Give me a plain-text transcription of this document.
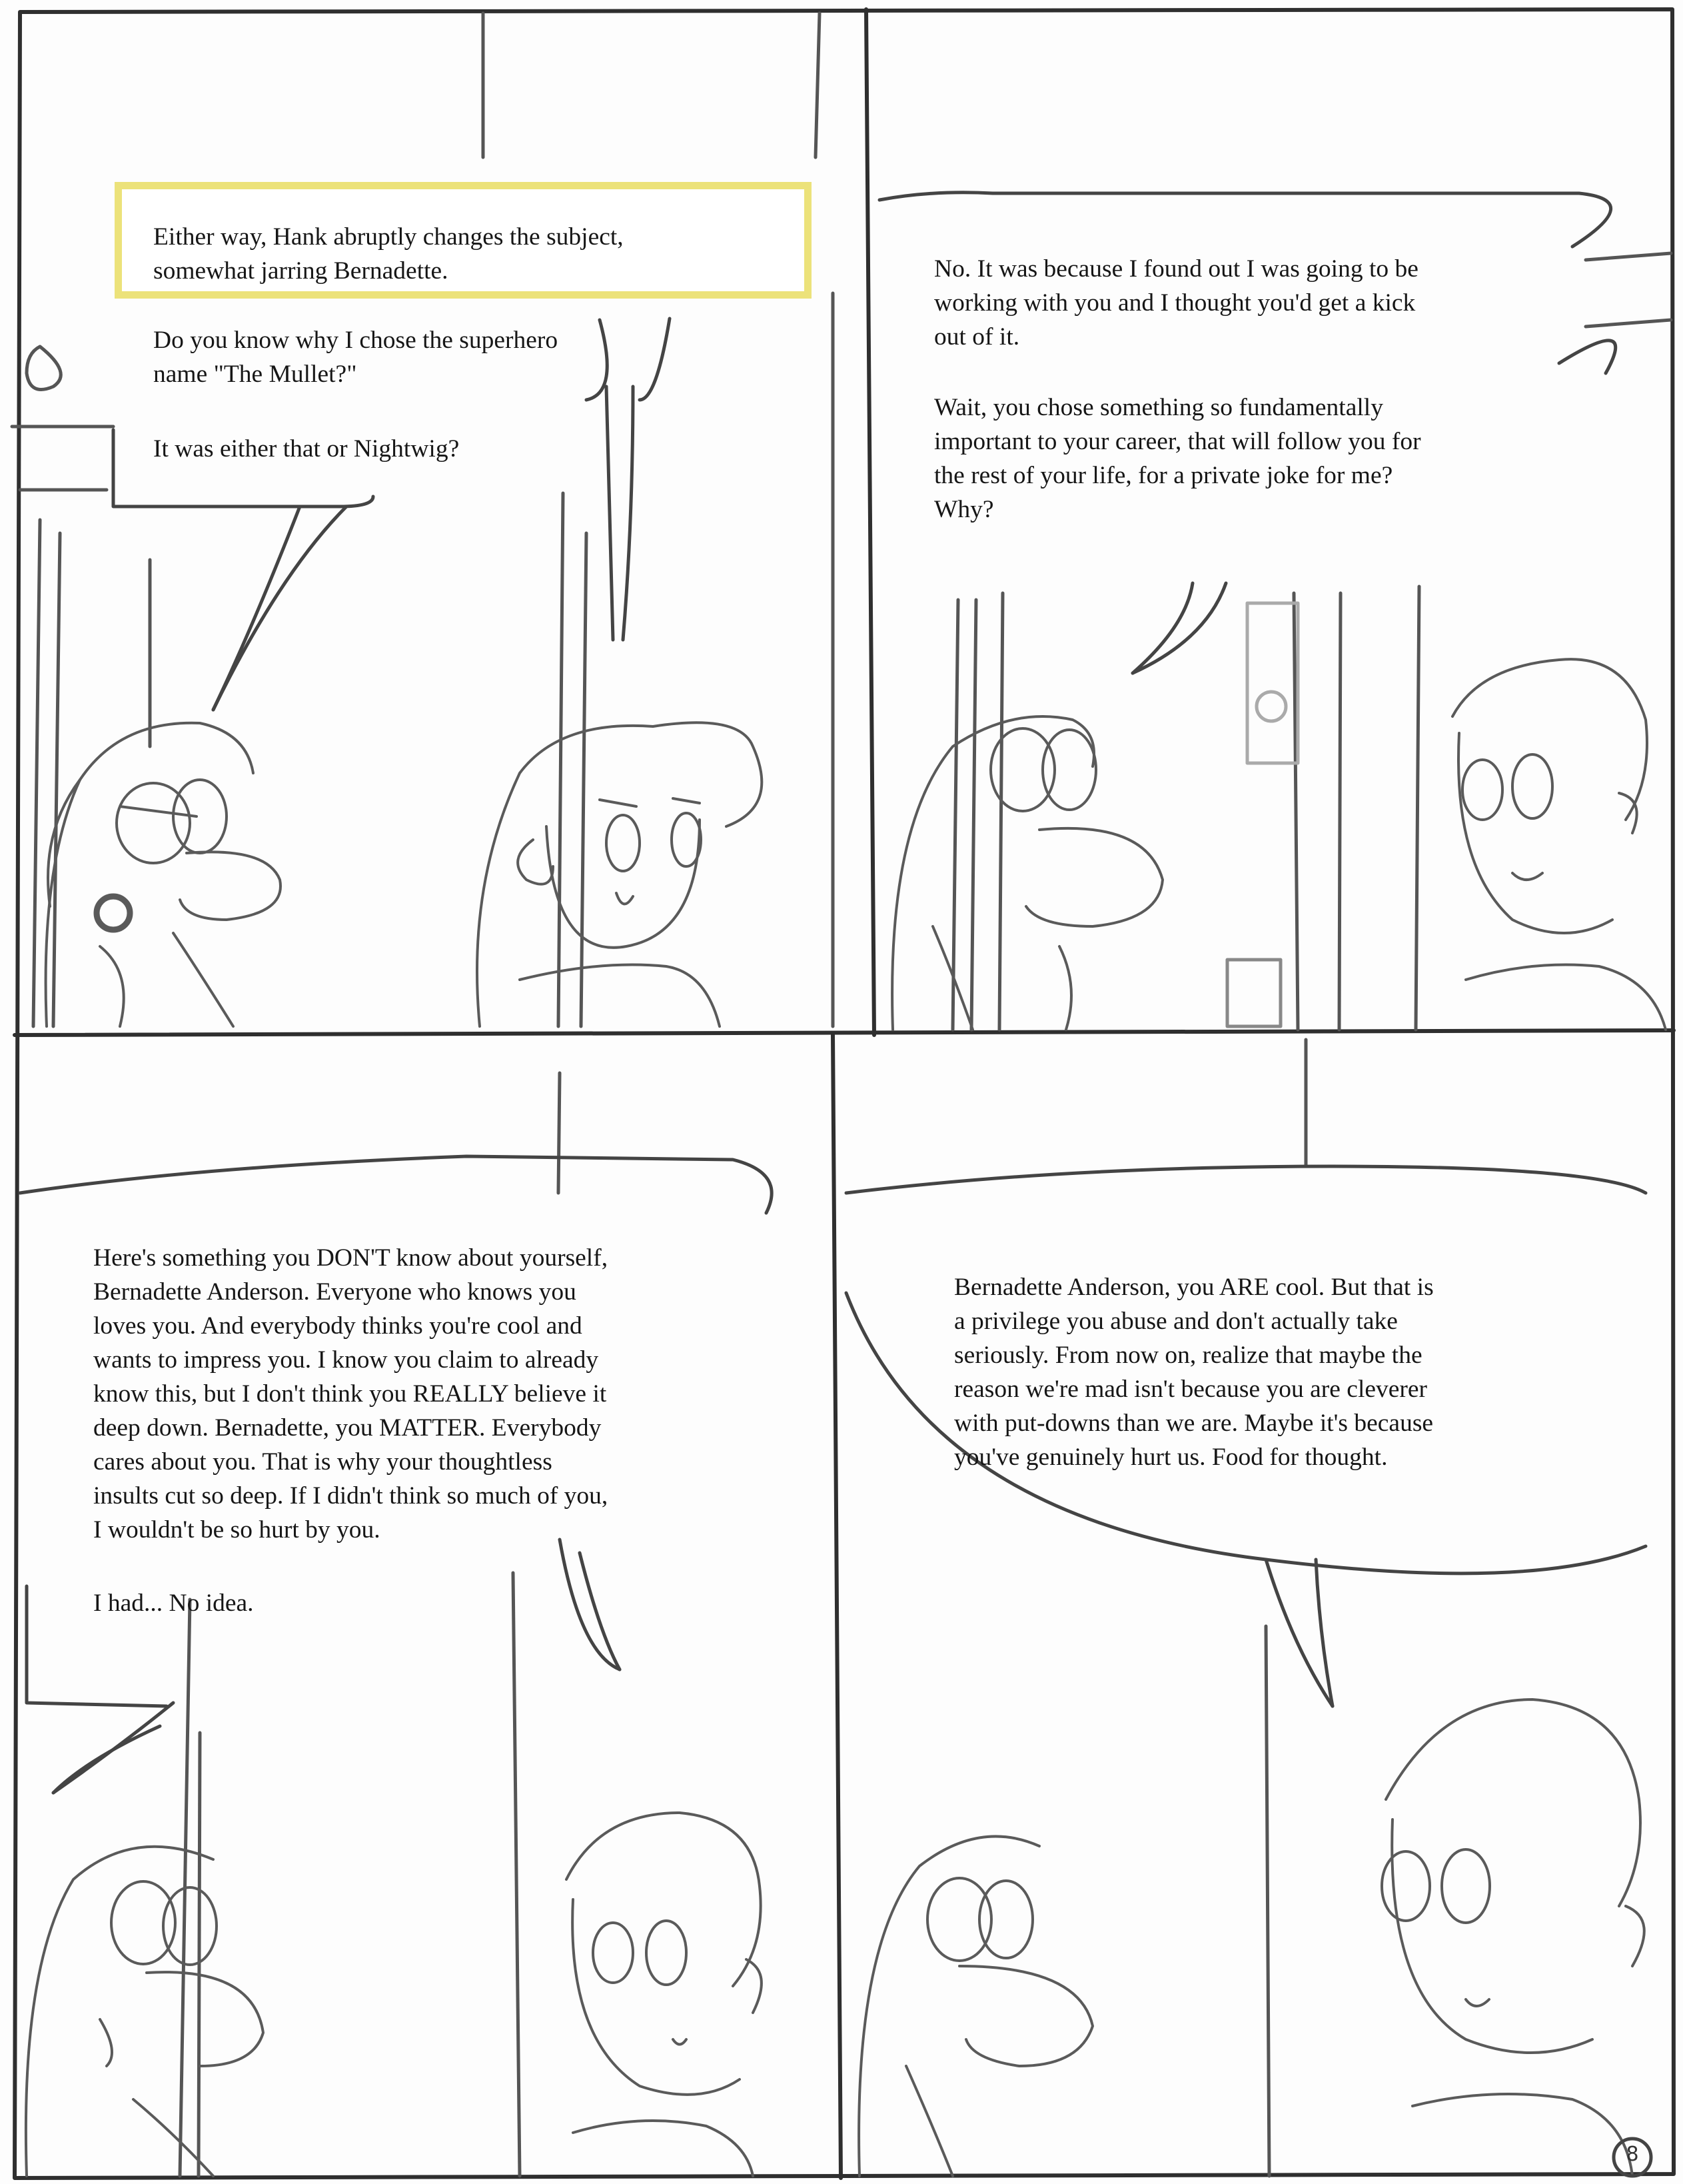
Either way, Hank abruptly changes the subject,
somewhat jarring Bernadette.
Do you know why I chose the superhero
name "The Mullet?"
It was either that or Nightwig?
No. It was because I found out I was going to be
working with you and I thought you'd get a kick
out of it.
Wait, you chose something so fundamentally
important to your career, that will follow you for
the rest of your life, for a private joke for me?
Why?
Here's something you DON'T know about yourself,
Bernadette Anderson. Everyone who knows you
loves you. And everybody thinks you're cool and
wants to impress you. I know you claim to already
know this, but I don't think you REALLY believe it
deep down. Bernadette, you MATTER. Everybody
cares about you. That is why your thoughtless
insults cut so deep. If I didn't think so much of you,
I wouldn't be so hurt by you.
I had... No idea.
Bernadette Anderson, you ARE cool. But that is
a privilege you abuse and don't actually take
seriously. From now on, realize that maybe the
reason we're mad isn't because you are cleverer
with put-downs than we are. Maybe it's because
you've genuinely hurt us. Food for thought.
8
